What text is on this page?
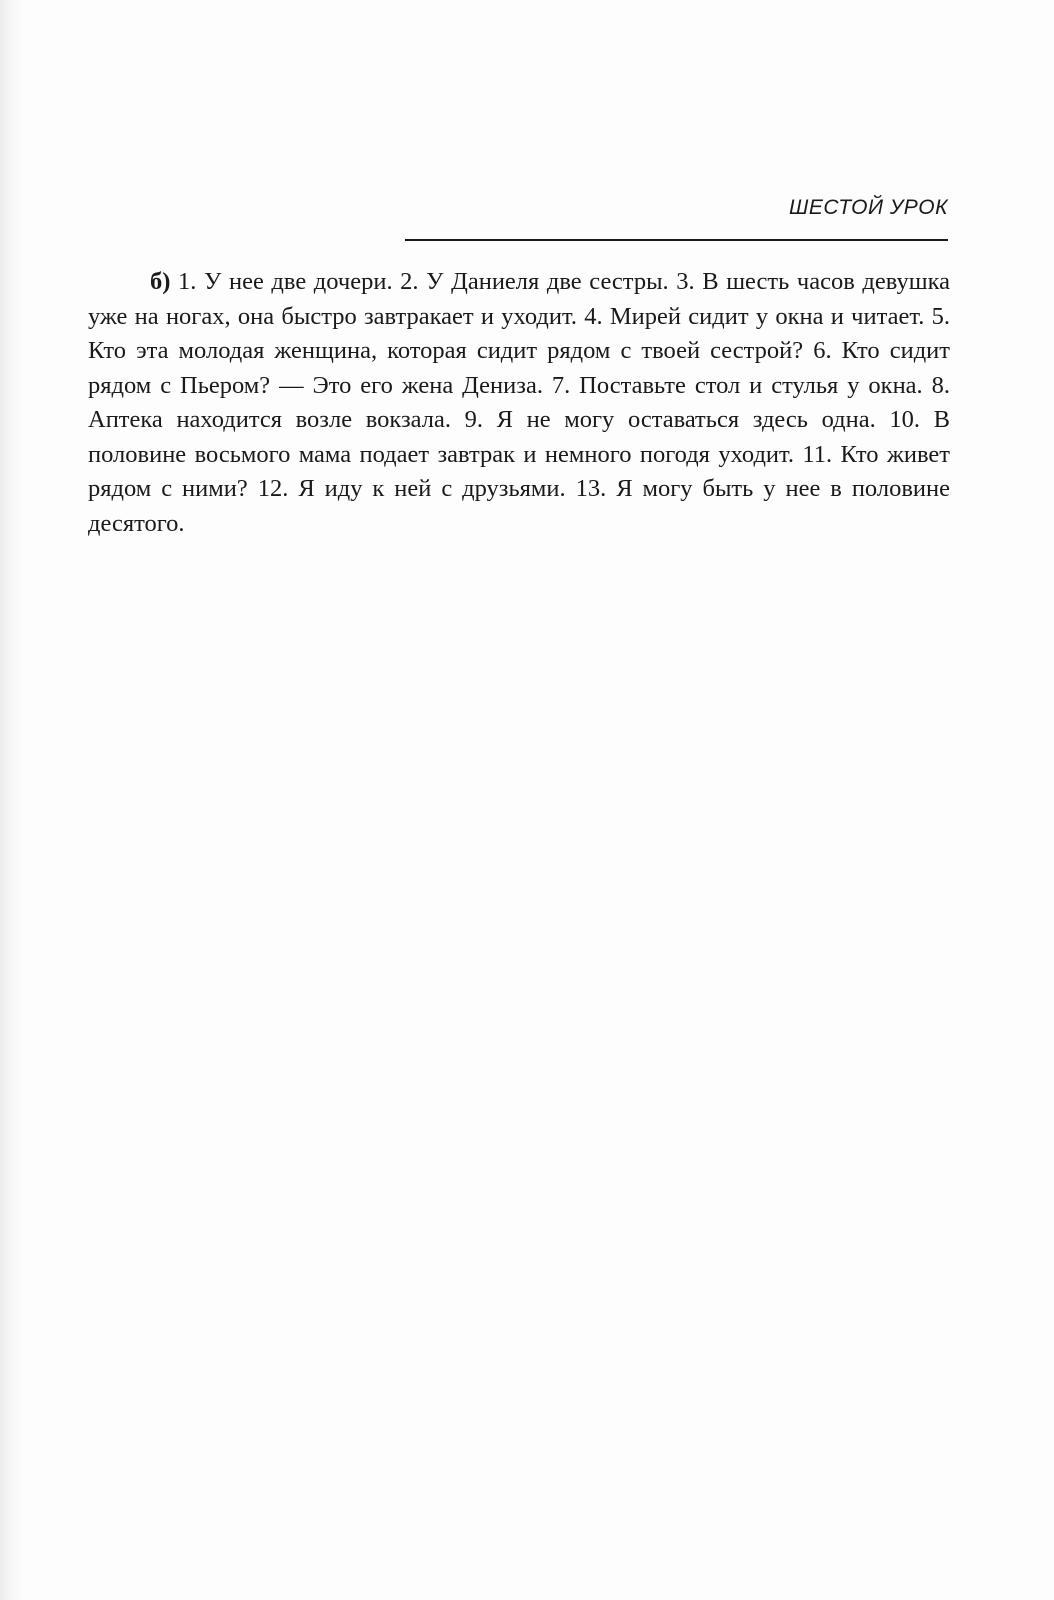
ШЕСТОЙ УРОК

б) 1. У нее две дочери. 2. У Даниеля две сестры. 3. В шесть часов девушка уже на ногах, она быстро завтракает и уходит. 4. Мирей сидит у окна и читает. 5. Кто эта молодая женщина, которая сидит рядом с твоей сестрой? 6. Кто сидит рядом с Пьером? — Это его жена Дениза. 7. Поставьте стол и стулья у окна. 8. Аптека находится возле вокзала. 9. Я не могу оставаться здесь одна. 10. В половине восьмого мама подает завтрак и немного погодя уходит. 11. Кто живет рядом с ними? 12. Я иду к ней с друзьями. 13. Я могу быть у нее в половине десятого.
